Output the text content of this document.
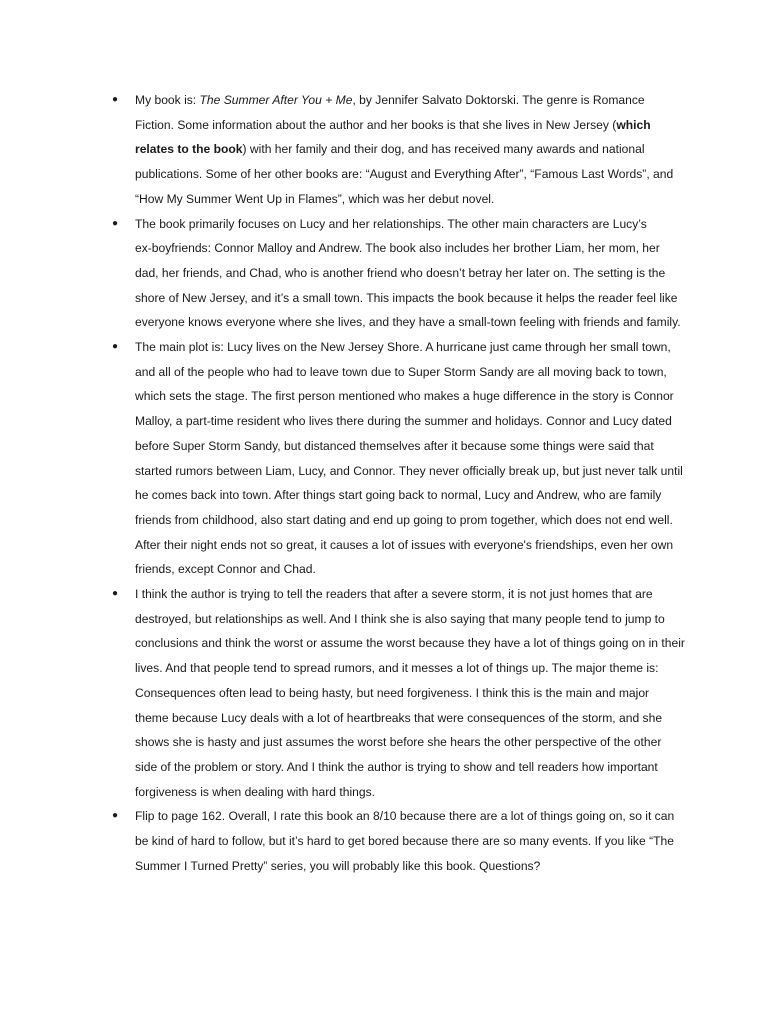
● My book is: The Summer After You + Me, by Jennifer Salvato Doktorski. The genre is Romance
Fiction. Some information about the author and her books is that she lives in New Jersey (which
relates to the book) with her family and their dog, and has received many awards and national
publications. Some of her other books are: “August and Everything After”, “Famous Last Words”, and
“How My Summer Went Up in Flames”, which was her debut novel.
● The book primarily focuses on Lucy and her relationships. The other main characters are Lucy’s
ex-boyfriends: Connor Malloy and Andrew. The book also includes her brother Liam, her mom, her
dad, her friends, and Chad, who is another friend who doesn’t betray her later on. The setting is the
shore of New Jersey, and it’s a small town. This impacts the book because it helps the reader feel like
everyone knows everyone where she lives, and they have a small-town feeling with friends and family.
● The main plot is: Lucy lives on the New Jersey Shore. A hurricane just came through her small town,
and all of the people who had to leave town due to Super Storm Sandy are all moving back to town,
which sets the stage. The first person mentioned who makes a huge difference in the story is Connor
Malloy, a part-time resident who lives there during the summer and holidays. Connor and Lucy dated
before Super Storm Sandy, but distanced themselves after it because some things were said that
started rumors between Liam, Lucy, and Connor. They never officially break up, but just never talk until
he comes back into town. After things start going back to normal, Lucy and Andrew, who are family
friends from childhood, also start dating and end up going to prom together, which does not end well.
After their night ends not so great, it causes a lot of issues with everyone's friendships, even her own
friends, except Connor and Chad.
● I think the author is trying to tell the readers that after a severe storm, it is not just homes that are
destroyed, but relationships as well. And I think she is also saying that many people tend to jump to
conclusions and think the worst or assume the worst because they have a lot of things going on in their
lives. And that people tend to spread rumors, and it messes a lot of things up. The major theme is:
Consequences often lead to being hasty, but need forgiveness. I think this is the main and major
theme because Lucy deals with a lot of heartbreaks that were consequences of the storm, and she
shows she is hasty and just assumes the worst before she hears the other perspective of the other
side of the problem or story. And I think the author is trying to show and tell readers how important
forgiveness is when dealing with hard things.
● Flip to page 162. Overall, I rate this book an 8/10 because there are a lot of things going on, so it can
be kind of hard to follow, but it’s hard to get bored because there are so many events. If you like “The
Summer I Turned Pretty” series, you will probably like this book. Questions?
